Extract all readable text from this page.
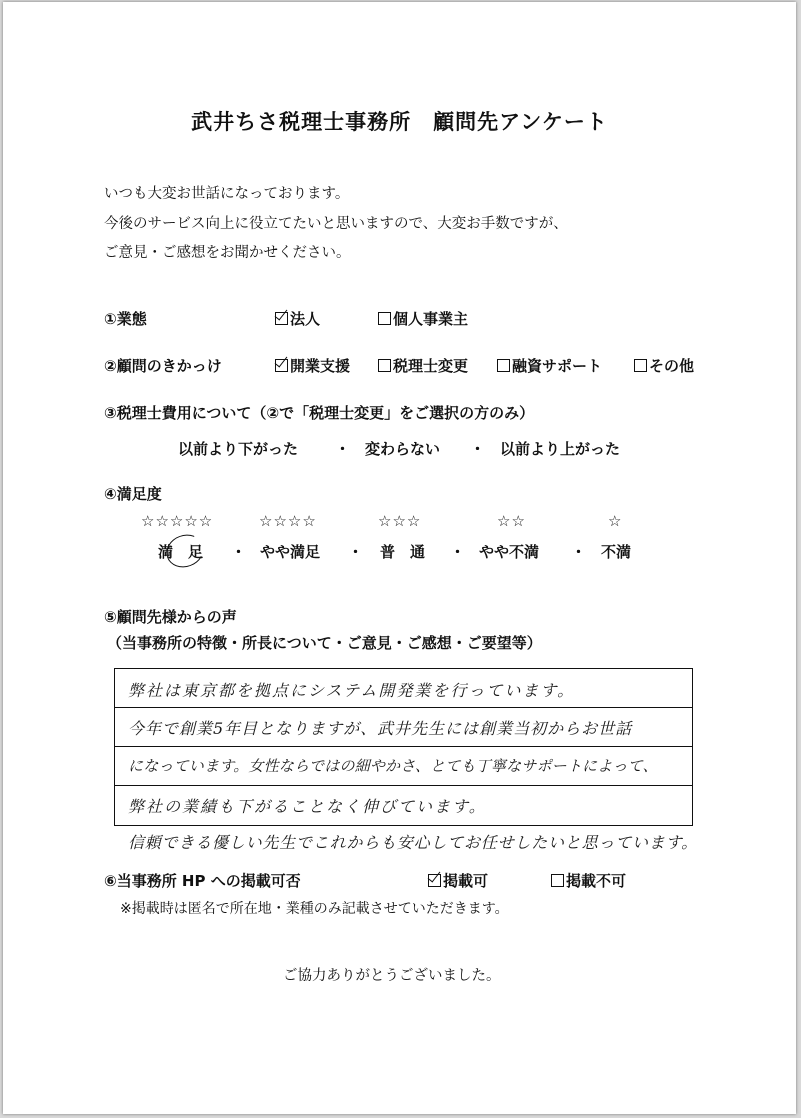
武井ちさ税理士事務所　顧問先アンケート
いつも大変お世話になっております。
今後のサービス向上に役立てたいと思いますので、大変お手数ですが、
ご意見・ご感想をお聞かせください。
①業態	法人	個人事業主
②顧問のきかっけ	開業支援	税理士変更	融資サポート	その他
③税理士費用について（②で「税理士変更」をご選択の方のみ）
以前より下がった ・ 変わらない ・ 以前より上がった
④満足度
☆☆☆☆☆	☆☆☆☆	☆☆☆	☆☆	☆
満　足 ・ やや満足 ・ 普　通 ・ やや不満 ・ 不満
⑤顧問先様からの声
（当事務所の特徴・所長について・ご意見・ご感想・ご要望等）
弊社は東京都を拠点にシステム開発業を行っています。
今年で創業5年目となりますが、武井先生には創業当初からお世話
になっています。女性ならではの細やかさ、とても丁寧なサポートによって、
弊社の業績も下がることなく伸びています。
信頼できる優しい先生でこれからも安心してお任せしたいと思っています。
⑥当事務所 HP への掲載可否	掲載可	掲載不可
※掲載時は匿名で所在地・業種のみ記載させていただきます。
ご協力ありがとうございました。
